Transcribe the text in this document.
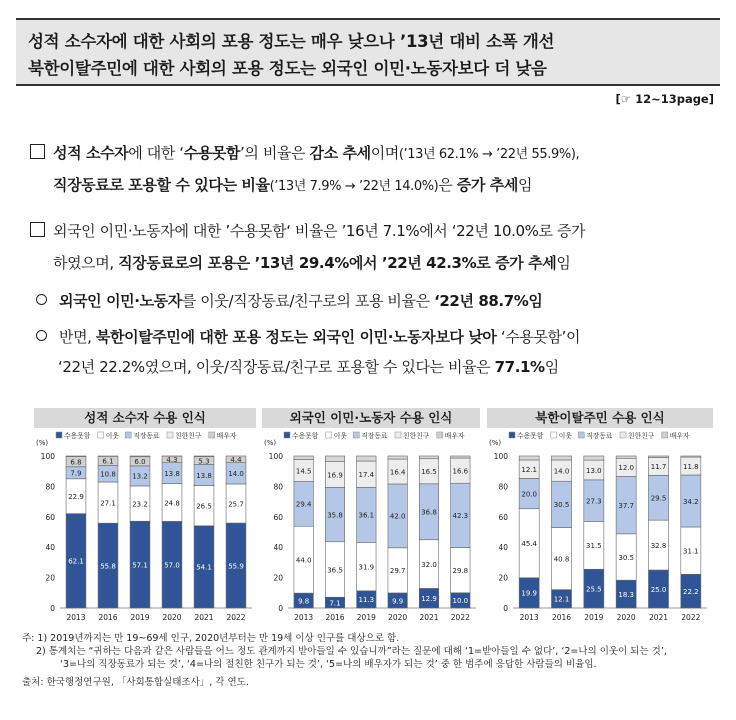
성적 소수자에 대한 사회의 포용 정도는 매우 낮으나 ’13년 대비 소폭 개선
북한이탈주민에 대한 사회의 포용 정도는 외국인 이민·노동자보다 더 낮음
[☞ 12~13page]
성적 소수자에 대한 ‘수용못함’의 비율은 감소 추세이며(’13년 62.1% → ’22년 55.9%),
직장동료로 포용할 수 있다는 비율(’13년 7.9% → ’22년 14.0%)은 증가 추세임
외국인 이민·노동자에 대한 ’수용못함‘ 비율은 ’16년 7.1%에서 ‘22년 10.0%로 증가
하였으며, 직장동료로의 포용은 ’13년 29.4%에서 ’22년 42.3%로 증가 추세임
외국인 이민·노동자를 이웃/직장동료/친구로의 포용 비율은 ‘22년 88.7%임
반면, 북한이탈주민에 대한 포용 정도는 외국인 이민·노동자보다 낮아 ‘수용못함’이
‘22년 22.2%였으며, 이웃/직장동료/친구로 포용할 수 있다는 비율은 77.1%임
성적 소수자 수용 인식	외국인 이민·노동자 수용 인식	북한이탈주민 수용 인식
수용못함 이웃 직장동료 친한친구 배우자
(%)
0
20
40
60
80
100
62.1
22.9
7.9
6.8
2013
55.8
27.1
10.8
6.1
2016
57.1
23.2
13.2
6.0
2019
57.0
24.8
13.8
4.3
2020
54.1
26.5
13.8
5.3
2021
55.9
25.7
14.0
4.4
2022
수용못함 이웃 직장동료 친한친구 배우자
(%)
0
20
40
60
80
100
9.8
44.0
29.4
14.5
2013
7.1
36.5
35.8
16.9
2016
11.3
31.9
36.1
17.4
2019
9.9
29.7
42.0
16.4
2020
12.9
32.0
36.8
16.5
2021
10.0
29.8
42.3
16.6
2022
수용못함 이웃 직장동료 친한친구 배우자
(%)
0
20
40
60
80
100
19.9
45.4
20.0
12.1
2013
12.1
40.8
30.5
14.0
2016
25.5
31.5
27.3
13.0
2019
18.3
30.5
37.7
12.0
2020
25.0
32.8
29.5
11.7
2021
22.2
31.1
34.2
11.8
2022
주: 1) 2019년까지는 만 19~69세 인구, 2020년부터는 만 19세 이상 인구를 대상으로 함.
2) 통계치는 “귀하는 다음과 같은 사람들을 어느 정도 관계까지 받아들일 수 있습니까”라는 질문에 대해 ‘1=받아들일 수 없다’, ‘2=나의 이웃이 되는 것’,
‘3=나의 직장동료가 되는 것’, ‘4=나의 절친한 친구가 되는 것’, ‘5=나의 배우자가 되는 것’ 중 한 범주에 응답한 사람들의 비율임.
출처: 한국행정연구원, 「사회통합실태조사」, 각 연도.
